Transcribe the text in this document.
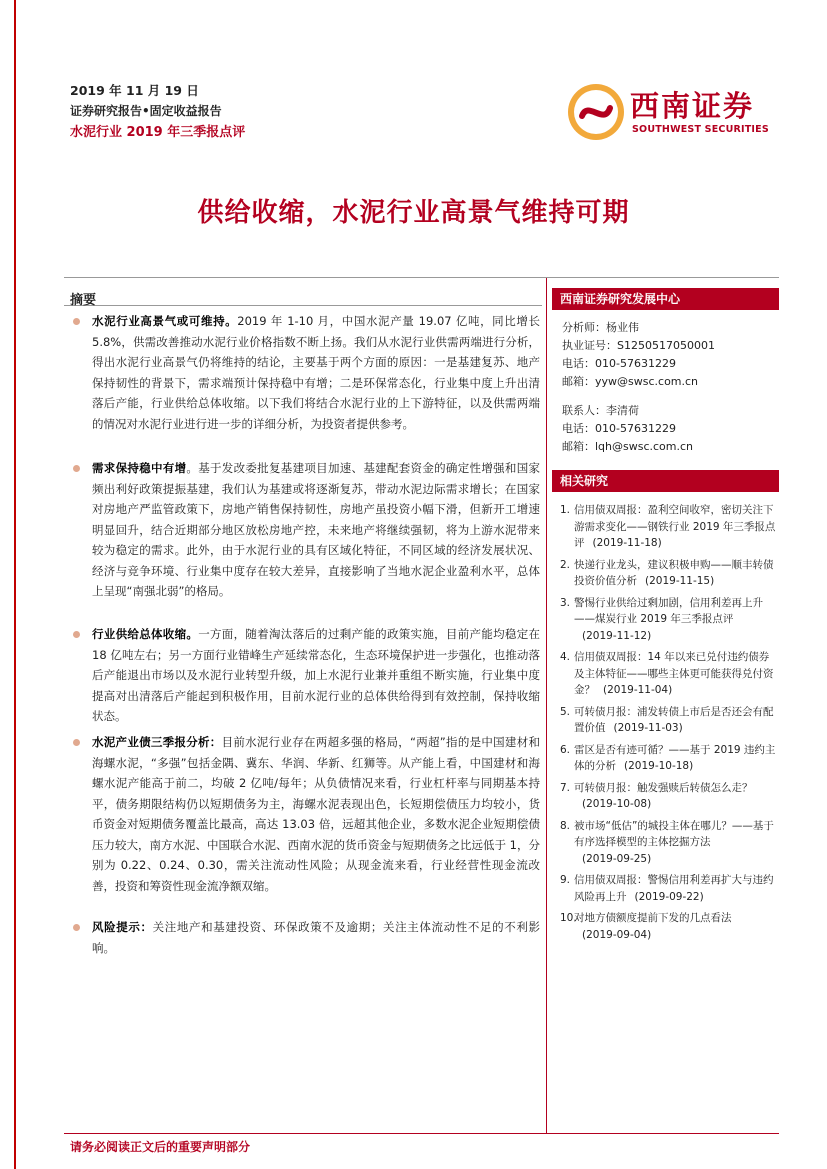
2019 年 11 月 19 日
证券研究报告•固定收益报告
水泥行业 2019 年三季报点评
西南证券
SOUTHWEST SECURITIES
供给收缩，水泥行业高景气维持可期
摘要
水泥行业高景气或可维持。2019 年 1-10 月，中国水泥产量 19.07 亿吨，同比增长 5.8%，供需改善推动水泥行业价格指数不断上扬。我们从水泥行业供需两端进行分析，得出水泥行业高景气仍将维持的结论，主要基于两个方面的原因：一是基建复苏、地产保持韧性的背景下，需求端预计保持稳中有增；二是环保常态化，行业集中度上升出清落后产能，行业供给总体收缩。以下我们将结合水泥行业的上下游特征，以及供需两端的情况对水泥行业进行进一步的详细分析，为投资者提供参考。
需求保持稳中有增。基于发改委批复基建项目加速、基建配套资金的确定性增强和国家频出利好政策提振基建，我们认为基建或将逐渐复苏，带动水泥边际需求增长；在国家对房地产严监管政策下，房地产销售保持韧性，房地产虽投资小幅下滑，但新开工增速明显回升，结合近期部分地区放松房地产控，未来地产将继续强韧，将为上游水泥带来较为稳定的需求。此外，由于水泥行业的具有区域化特征，不同区域的经济发展状况、经济与竞争环境、行业集中度存在较大差异，直接影响了当地水泥企业盈利水平，总体上呈现“南强北弱”的格局。
行业供给总体收缩。一方面，随着淘汰落后的过剩产能的政策实施，目前产能均稳定在 18 亿吨左右；另一方面行业错峰生产延续常态化，生态环境保护进一步强化，也推动落后产能退出市场以及水泥行业转型升级，加上水泥行业兼并重组不断实施，行业集中度提高对出清落后产能起到积极作用，目前水泥行业的总体供给得到有效控制，保持收缩状态。
水泥产业债三季报分析：目前水泥行业存在两超多强的格局，“两超”指的是中国建材和海螺水泥，“多强”包括金隅、冀东、华润、华新、红狮等。从产能上看，中国建材和海螺水泥产能高于前二，均破 2 亿吨/每年；从负债情况来看，行业杠杆率与同期基本持平，债务期限结构仍以短期债务为主，海螺水泥表现出色，长短期偿债压力均较小，货币资金对短期债务覆盖比最高，高达 13.03 倍，远超其他企业，多数水泥企业短期偿债压力较大，南方水泥、中国联合水泥、西南水泥的货币资金与短期债务之比远低于 1，分别为 0.22、0.24、0.30，需关注流动性风险；从现金流来看，行业经营性现金流改善，投资和筹资性现金流净额双缩。
风险提示：关注地产和基建投资、环保政策不及逾期；关注主体流动性不足的不利影响。
西南证券研究发展中心
分析师：杨业伟
执业证号：S1250517050001
电话：010-57631229
邮箱：yyw@swsc.com.cn
联系人：李清荷
电话：010-57631229
邮箱：lqh@swsc.com.cn
相关研究
1. 信用债双周报：盈利空间收窄，密切关注下游需求变化——钢铁行业 2019 年三季报点评 (2019-11-18)
2. 快递行业龙头，建议积极申购——顺丰转债投资价值分析 (2019-11-15)
3. 警惕行业供给过剩加剧，信用利差再上升——煤炭行业 2019 年三季报点评(2019-11-12)
4. 信用债双周报：14 年以来已兑付违约债券及主体特征——哪些主体更可能获得兑付资金？ (2019-11-04)
5. 可转债月报：浦发转债上市后是否还会有配置价值 (2019-11-03)
6. 雷区是否有迹可循？——基于 2019 违约主体的分析 (2019-10-18)
7. 可转债月报：触发强赎后转债怎么走？(2019-10-08)
8. 被市场“低估”的城投主体在哪儿？——基于有序选择模型的主体挖掘方法(2019-09-25)
9. 信用债双周报：警惕信用利差再扩大与违约风险再上升 (2019-09-22)
10.
对地方债额度提前下发的几点看法(2019-09-04)
请务必阅读正文后的重要声明部分
